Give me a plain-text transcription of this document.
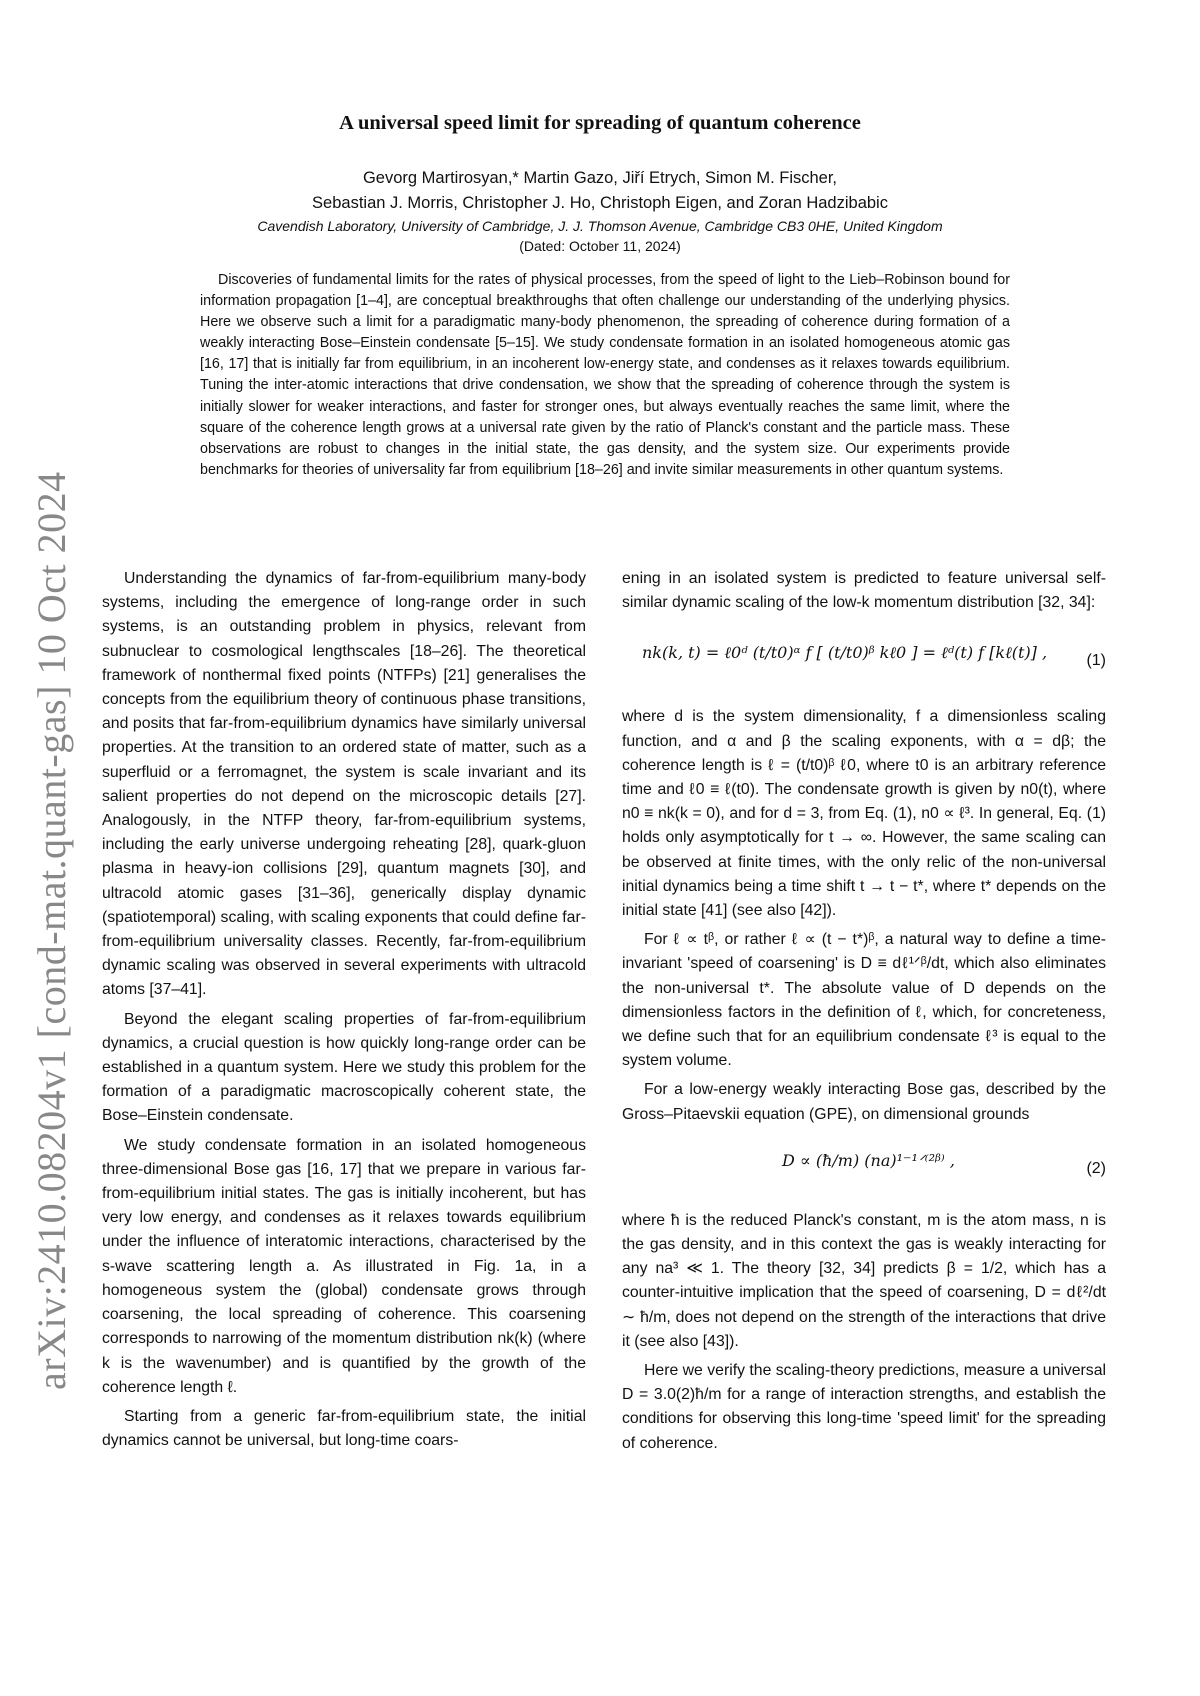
arXiv:2410.08204v1 [cond-mat.quant-gas] 10 Oct 2024
A universal speed limit for spreading of quantum coherence
Gevorg Martirosyan,* Martin Gazo, Jiří Etrych, Simon M. Fischer,
Sebastian J. Morris, Christopher J. Ho, Christoph Eigen, and Zoran Hadzibabic
Cavendish Laboratory, University of Cambridge, J. J. Thomson Avenue, Cambridge CB3 0HE, United Kingdom
(Dated: October 11, 2024)

Discoveries of fundamental limits for the rates of physical processes, from the speed of light to the Lieb–Robinson bound for information propagation [1–4], are conceptual breakthroughs that often challenge our understanding of the underlying physics. Here we observe such a limit for a paradigmatic many-body phenomenon, the spreading of coherence during formation of a weakly interacting Bose–Einstein condensate [5–15]. We study condensate formation in an isolated homogeneous atomic gas [16, 17] that is initially far from equilibrium, in an incoherent low-energy state, and condenses as it relaxes towards equilibrium. Tuning the inter-atomic interactions that drive condensation, we show that the spreading of coherence through the system is initially slower for weaker interactions, and faster for stronger ones, but always eventually reaches the same limit, where the square of the coherence length grows at a universal rate given by the ratio of Planck's constant and the particle mass. These observations are robust to changes in the initial state, the gas density, and the system size. Our experiments provide benchmarks for theories of universality far from equilibrium [18–26] and invite similar measurements in other quantum systems.

Understanding the dynamics of far-from-equilibrium many-body systems, including the emergence of long-range order in such systems, is an outstanding problem in physics, relevant from subnuclear to cosmological lengthscales [18–26]. The theoretical framework of nonthermal fixed points (NTFPs) [21] generalises the concepts from the equilibrium theory of continuous phase transitions, and posits that far-from-equilibrium dynamics have similarly universal properties. At the transition to an ordered state of matter, such as a superfluid or a ferromagnet, the system is scale invariant and its salient properties do not depend on the microscopic details [27]. Analogously, in the NTFP theory, far-from-equilibrium systems, including the early universe undergoing reheating [28], quark-gluon plasma in heavy-ion collisions [29], quantum magnets [30], and ultracold atomic gases [31–36], generically display dynamic (spatiotemporal) scaling, with scaling exponents that could define far-from-equilibrium universality classes. Recently, far-from-equilibrium dynamic scaling was observed in several experiments with ultracold atoms [37–41].

Beyond the elegant scaling properties of far-from-equilibrium dynamics, a crucial question is how quickly long-range order can be established in a quantum system. Here we study this problem for the formation of a paradigmatic macroscopically coherent state, the Bose–Einstein condensate.

We study condensate formation in an isolated homogeneous three-dimensional Bose gas [16, 17] that we prepare in various far-from-equilibrium initial states. The gas is initially incoherent, but has very low energy, and condenses as it relaxes towards equilibrium under the influence of interatomic interactions, characterised by the s-wave scattering length a. As illustrated in Fig. 1a, in a homogeneous system the (global) condensate grows through coarsening, the local spreading of coherence. This coarsening corresponds to narrowing of the momentum distribution nk(k) (where k is the wavenumber) and is quantified by the growth of the coherence length ℓ.

Starting from a generic far-from-equilibrium state, the initial dynamics cannot be universal, but long-time coars-

ening in an isolated system is predicted to feature universal self-similar dynamic scaling of the low-k momentum distribution [32, 34]:

nk(k, t) = ℓ0ᵈ (t/t0)ᵅ f [ (t/t0)ᵝ kℓ0 ] = ℓᵈ(t) f [kℓ(t)] , (1)

where d is the system dimensionality, f a dimensionless scaling function, and α and β the scaling exponents, with α = dβ; the coherence length is ℓ = (t/t0)ᵝ ℓ0, where t0 is an arbitrary reference time and ℓ0 ≡ ℓ(t0). The condensate growth is given by n0(t), where n0 ≡ nk(k = 0), and for d = 3, from Eq. (1), n0 ∝ ℓ³. In general, Eq. (1) holds only asymptotically for t → ∞. However, the same scaling can be observed at finite times, with the only relic of the non-universal initial dynamics being a time shift t → t − t*, where t* depends on the initial state [41] (see also [42]).

For ℓ ∝ tᵝ, or rather ℓ ∝ (t − t*)ᵝ, a natural way to define a time-invariant 'speed of coarsening' is D ≡ dℓ¹ᐟᵝ/dt, which also eliminates the non-universal t*. The absolute value of D depends on the dimensionless factors in the definition of ℓ, which, for concreteness, we define such that for an equilibrium condensate ℓ³ is equal to the system volume.

For a low-energy weakly interacting Bose gas, described by the Gross–Pitaevskii equation (GPE), on dimensional grounds

D ∝ (ħ/m) (na)¹⁻¹ᐟ⁽²ᵝ⁾ ,	(2)

where ħ is the reduced Planck's constant, m is the atom mass, n is the gas density, and in this context the gas is weakly interacting for any na³ ≪ 1. The theory [32, 34] predicts β = 1/2, which has a counter-intuitive implication that the speed of coarsening, D = dℓ²/dt ∼ ħ/m, does not depend on the strength of the interactions that drive it (see also [43]).

Here we verify the scaling-theory predictions, measure a universal D = 3.0(2)ħ/m for a range of interaction strengths, and establish the conditions for observing this long-time 'speed limit' for the spreading of coherence.
